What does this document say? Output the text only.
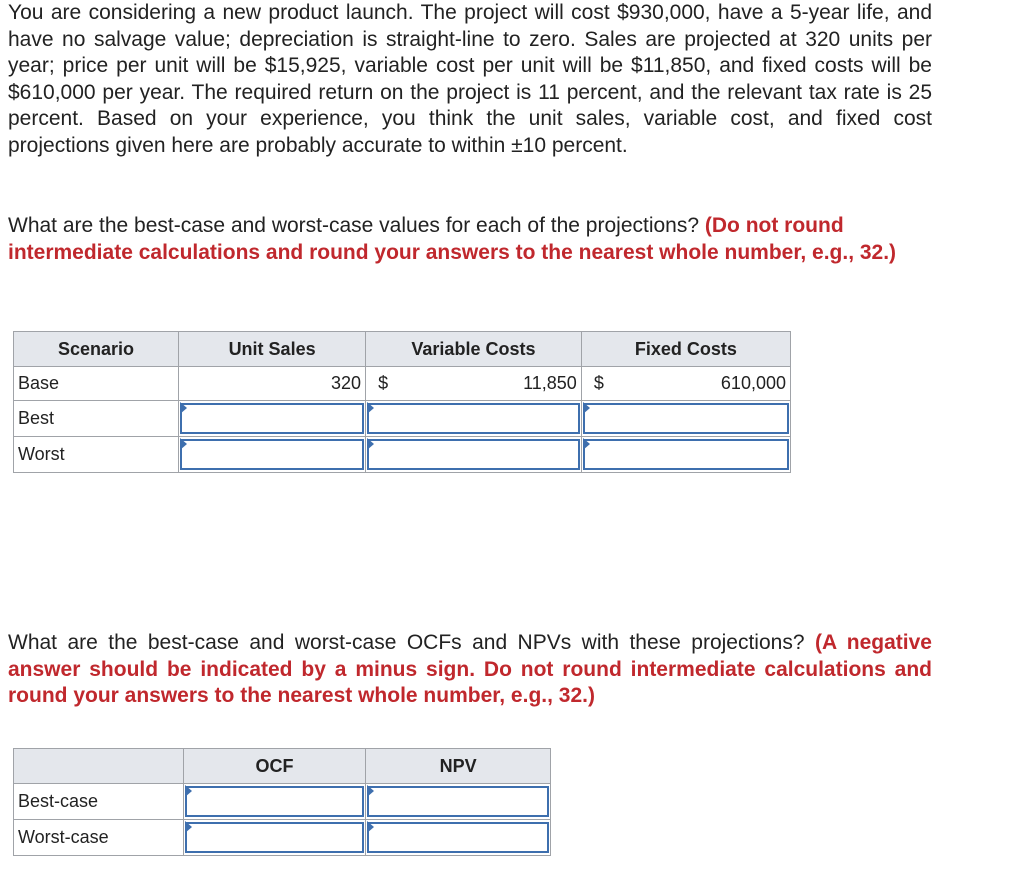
You are considering a new product launch. The project will cost $930,000, have a 5-year life, and have no salvage value; depreciation is straight-line to zero. Sales are projected at 320 units per year; price per unit will be $15,925, variable cost per unit will be $11,850, and fixed costs will be $610,000 per year. The required return on the project is 11 percent, and the relevant tax rate is 25 percent. Based on your experience, you think the unit sales, variable cost, and fixed cost projections given here are probably accurate to within ±10 percent.

What are the best-case and worst-case values for each of the projections? (Do not round intermediate calculations and round your answers to the nearest whole number, e.g., 32.)

Scenario	Unit Sales	Variable Costs		Fixed Costs	
Base	320	$	11,850	$	610,000
Best	

Worst	

What are the best-case and worst-case OCFs and NPVs with these projections? (A negative answer should be indicated by a minus sign. Do not round intermediate calculations and round your answers to the nearest whole number, e.g., 32.)

	OCF	NPV
Best-case	

Worst-case	
